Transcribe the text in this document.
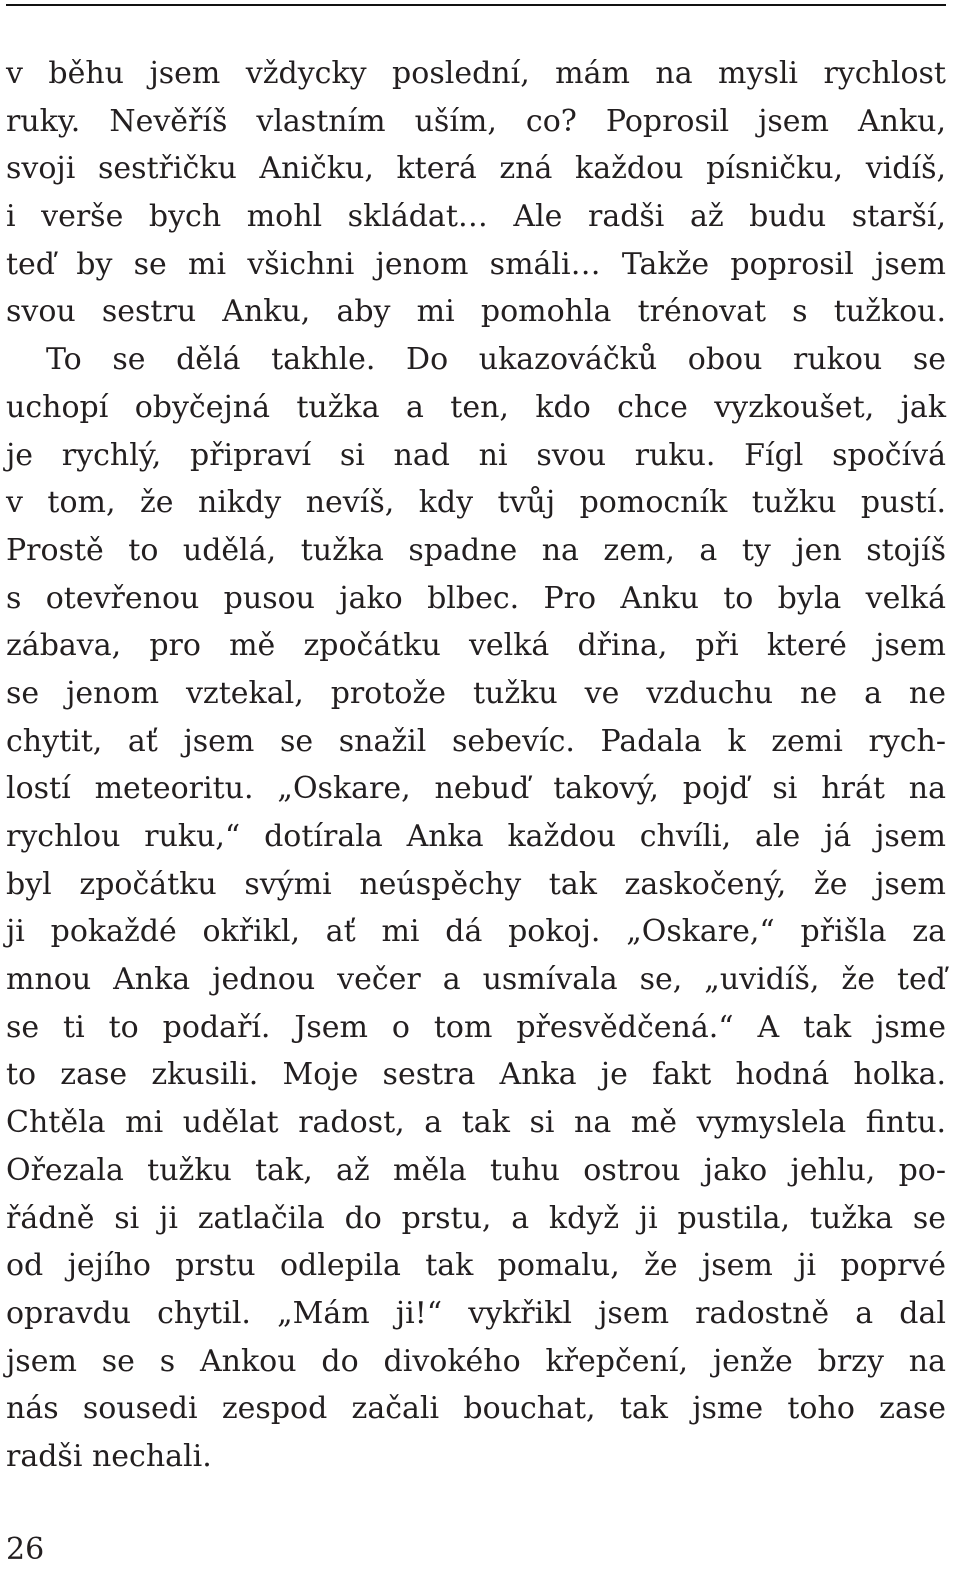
v běhu jsem vždycky poslední, mám na mysli rychlost
ruky. Nevěříš vlastním uším, co? Poprosil jsem Anku,
svoji sestřičku Aničku, která zná každou písničku, vidíš,
i verše bych mohl skládat… Ale radši až budu starší,
teď by se mi všichni jenom smáli… Takže poprosil jsem
svou sestru Anku, aby mi pomohla trénovat s tužkou.
To se dělá takhle. Do ukazováčků obou rukou se
uchopí obyčejná tužka a ten, kdo chce vyzkoušet, jak
je rychlý, připraví si nad ni svou ruku. Fígl spočívá
v tom, že nikdy nevíš, kdy tvůj pomocník tužku pustí.
Prostě to udělá, tužka spadne na zem, a ty jen stojíš
s otevřenou pusou jako blbec. Pro Anku to byla velká
zábava, pro mě zpočátku velká dřina, při které jsem
se jenom vztekal, protože tužku ve vzduchu ne a ne
chytit, ať jsem se snažil sebevíc. Padala k zemi rych-
lostí meteoritu. „Oskare, nebuď takový, pojď si hrát na
rychlou ruku,“ dotírala Anka každou chvíli, ale já jsem
byl zpočátku svými neúspěchy tak zaskočený, že jsem
ji pokaždé okřikl, ať mi dá pokoj. „Oskare,“ přišla za
mnou Anka jednou večer a usmívala se, „uvidíš, že teď
se ti to podaří. Jsem o tom přesvědčená.“ A tak jsme
to zase zkusili. Moje sestra Anka je fakt hodná holka.
Chtěla mi udělat radost, a tak si na mě vymyslela fintu.
Ořezala tužku tak, až měla tuhu ostrou jako jehlu, po-
řádně si ji zatlačila do prstu, a když ji pustila, tužka se
od jejího prstu odlepila tak pomalu, že jsem ji poprvé
opravdu chytil. „Mám ji!“ vykřikl jsem radostně a dal
jsem se s Ankou do divokého křepčení, jenže brzy na
nás sousedi zespod začali bouchat, tak jsme toho zase
radši nechali.
26
